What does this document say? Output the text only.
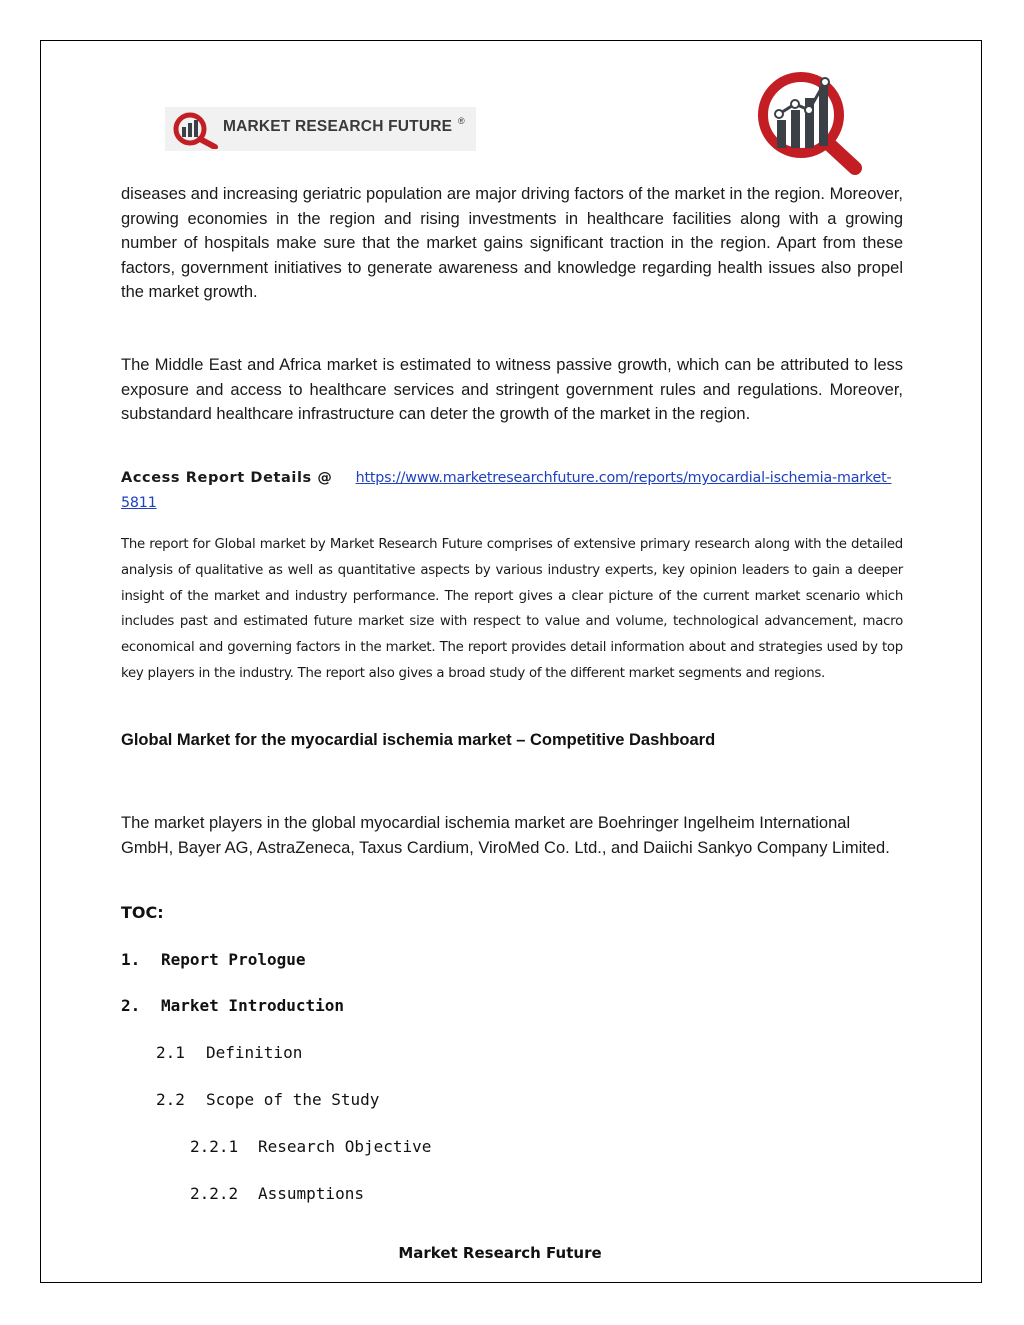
MARKET RESEARCH FUTURE ®

diseases and increasing geriatric population are major driving factors of the market in the region. Moreover, growing economies in the region and rising investments in healthcare facilities along with a growing number of hospitals make sure that the market gains significant traction in the region. Apart from these factors, government initiatives to generate awareness and knowledge regarding health issues also propel the market growth.

The Middle East and Africa market is estimated to witness passive growth, which can be attributed to less exposure and access to healthcare services and stringent government rules and regulations. Moreover, substandard healthcare infrastructure can deter the growth of the market in the region.

Access Report Details @ https://www.marketresearchfuture.com/reports/myocardial-ischemia-market-5811

The report for Global market by Market Research Future comprises of extensive primary research along with the detailed analysis of qualitative as well as quantitative aspects by various industry experts, key opinion leaders to gain a deeper insight of the market and industry performance. The report gives a clear picture of the current market scenario which includes past and estimated future market size with respect to value and volume, technological advancement, macro economical and governing factors in the market. The report provides detail information about and strategies used by top key players in the industry. The report also gives a broad study of the different market segments and regions.

Global Market for the myocardial ischemia market – Competitive Dashboard

The market players in the global myocardial ischemia market are Boehringer Ingelheim International GmbH, Bayer AG, AstraZeneca, Taxus Cardium, ViroMed Co. Ltd., and Daiichi Sankyo Company Limited.

TOC:
1. Report Prologue
2. Market Introduction
2.1 Definition
2.2 Scope of the Study
2.2.1 Research Objective
2.2.2 Assumptions
Market Research Future
